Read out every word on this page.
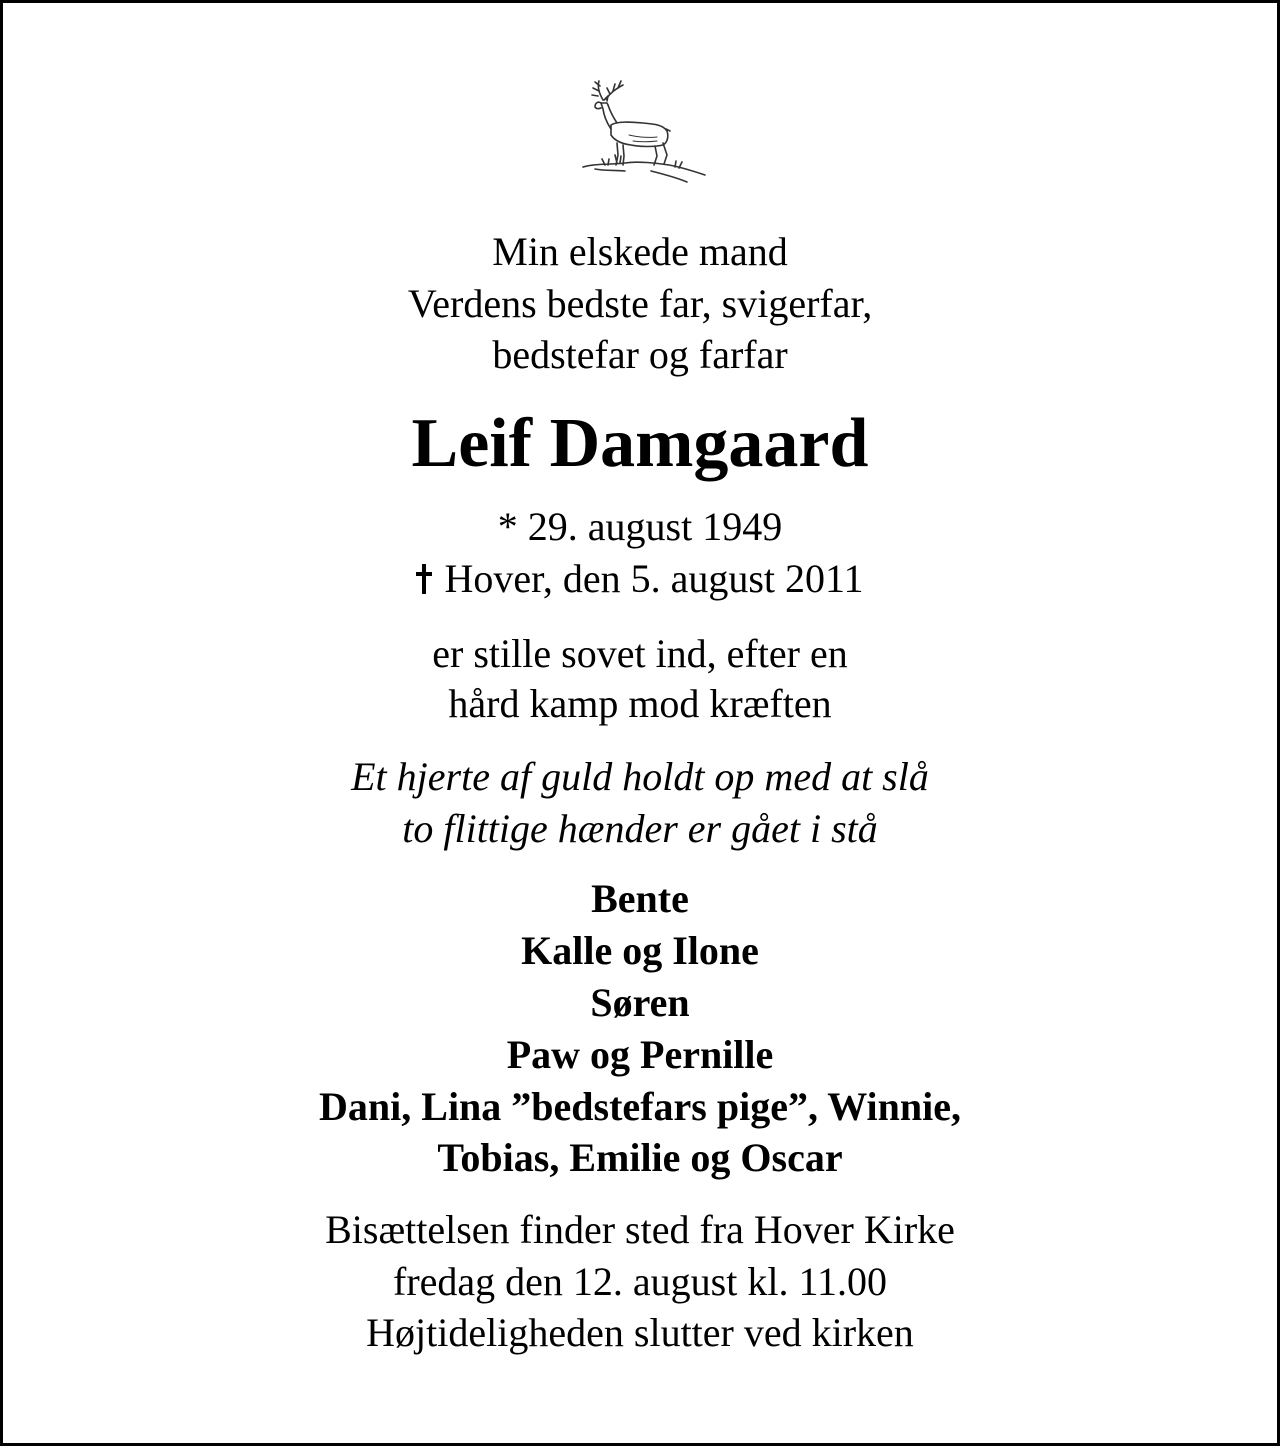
Min elskede mand
Verdens bedste far, svigerfar,
bedstefar og farfar
Leif Damgaard
* 29. august 1949
Hover, den 5. august 2011
er stille sovet ind, efter en
hård kamp mod kræften
Et hjerte af guld holdt op med at slå
to flittige hænder er gået i stå
Bente
Kalle og Ilone
Søren
Paw og Pernille
Dani, Lina ”bedstefars pige”, Winnie,
Tobias, Emilie og Oscar
Bisættelsen finder sted fra Hover Kirke
fredag den 12. august kl. 11.00
Højtideligheden slutter ved kirken
